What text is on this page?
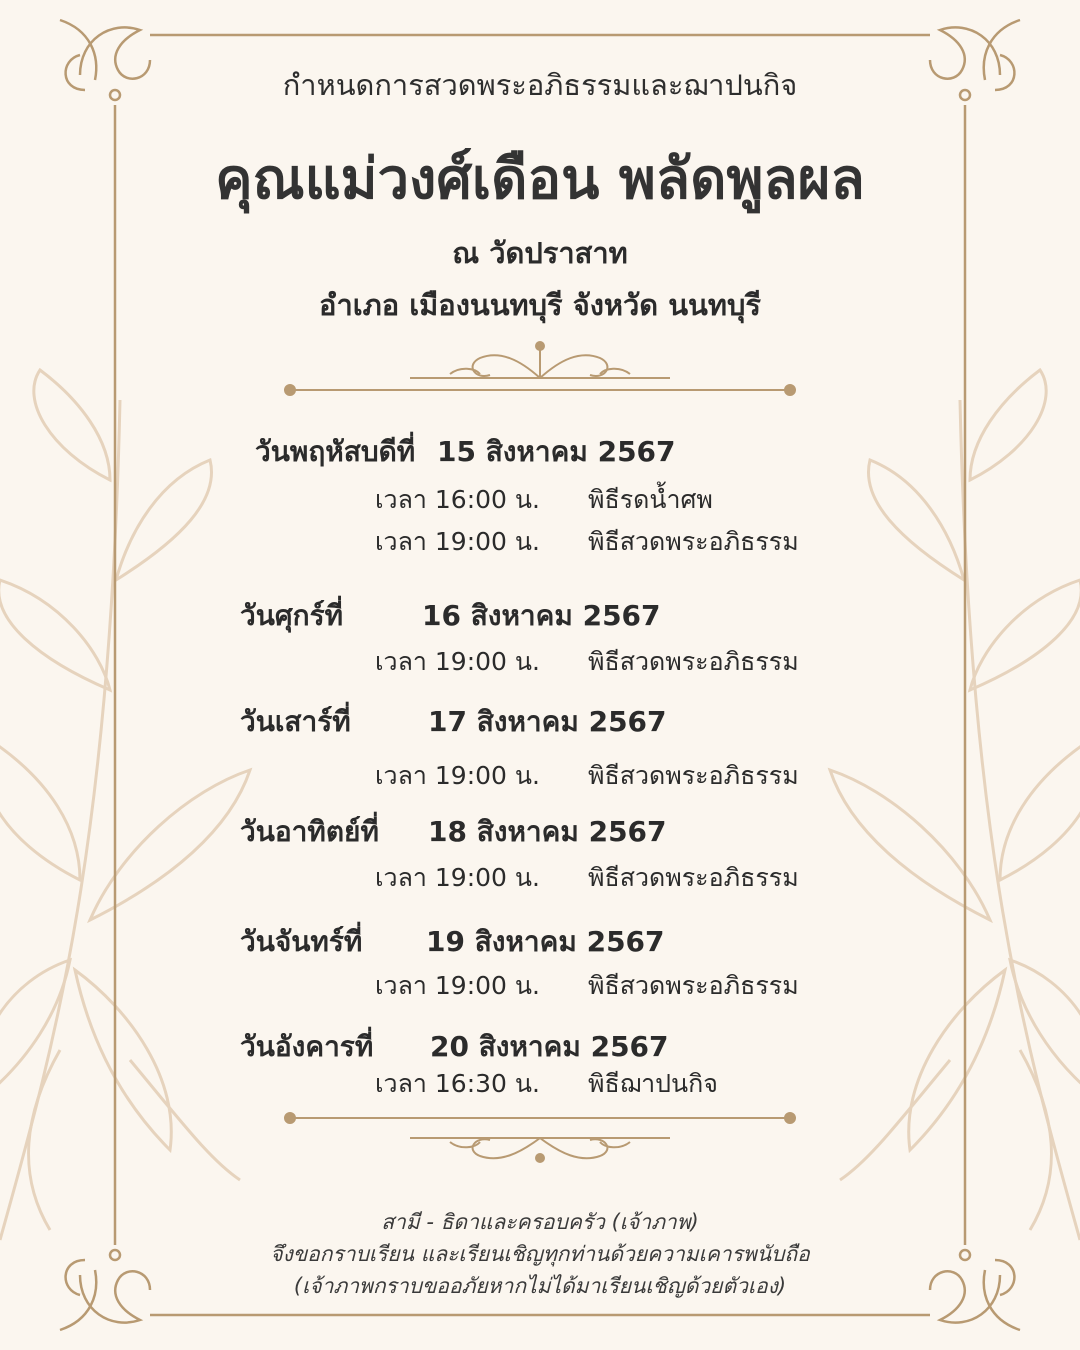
กำหนดการสวดพระอภิธรรมและฌาปนกิจ

คุณแม่วงศ์เดือน พลัดพูลผล

ณ วัดปราสาท

อำเภอ เมืองนนทบุรี จังหวัด นนทบุรี

วันพฤหัสบดีที่ 15 สิงหาคม 2567

เวลา 16:00 น. พิธีรดน้ำศพ

เวลา 19:00 น. พิธีสวดพระอภิธรรม

วันศุกร์ที่	16 สิงหาคม 2567

เวลา 19:00 น. พิธีสวดพระอภิธรรม

วันเสาร์ที่	17 สิงหาคม 2567

เวลา 19:00 น. พิธีสวดพระอภิธรรม

วันอาทิตย์ที่ 18 สิงหาคม 2567

เวลา 19:00 น. พิธีสวดพระอภิธรรม

วันจันทร์ที่ 19 สิงหาคม 2567

เวลา 19:00 น. พิธีสวดพระอภิธรรม

วันอังคารที่ 20 สิงหาคม 2567

เวลา 16:30 น. พิธีฌาปนกิจ

สามี - ธิดาและครอบครัว (เจ้าภาพ)

จึงขอกราบเรียน และเรียนเชิญทุกท่านด้วยความเคารพนับถือ

(เจ้าภาพกราบขออภัยหากไม่ได้มาเรียนเชิญด้วยตัวเอง)
